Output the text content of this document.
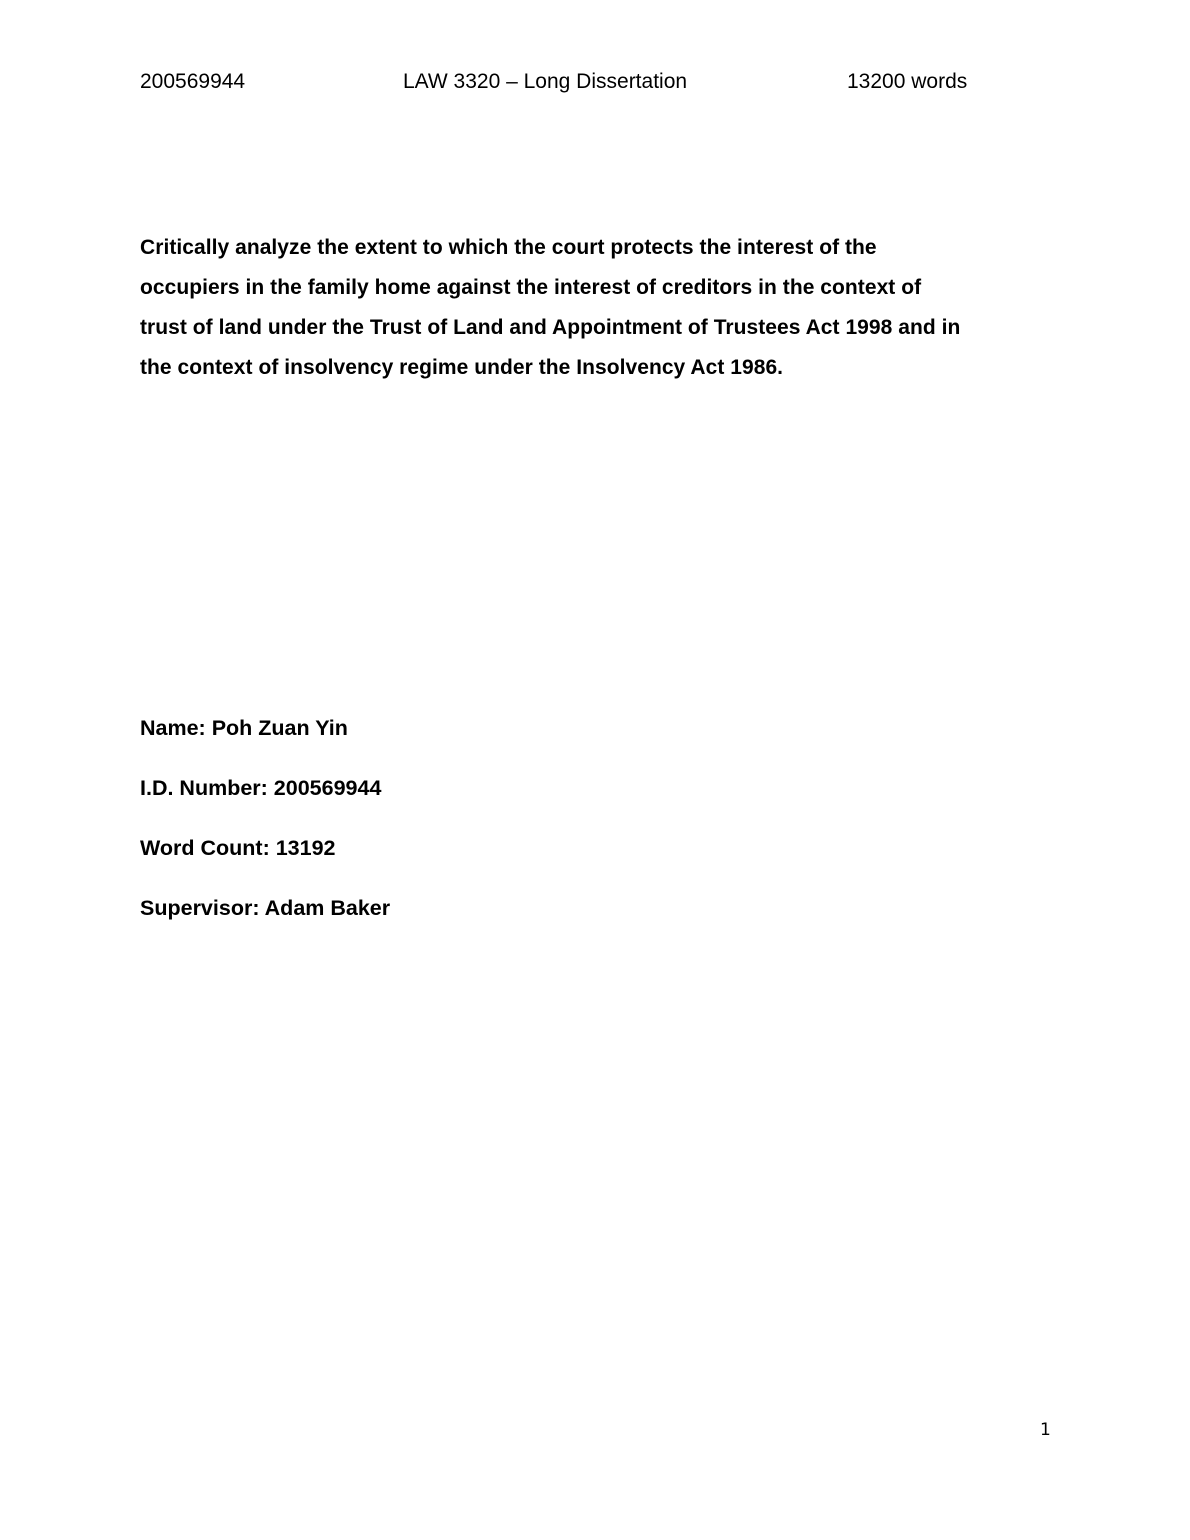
200569944	LAW 3320 – Long Dissertation	13200 words
Critically analyze the extent to which the court protects the interest of the
occupiers in the family home against the interest of creditors in the context of
trust of land under the Trust of Land and Appointment of Trustees Act 1998 and in
the context of insolvency regime under the Insolvency Act 1986.
Name: Poh Zuan Yin
I.D. Number: 200569944
Word Count: 13192
Supervisor: Adam Baker
1
